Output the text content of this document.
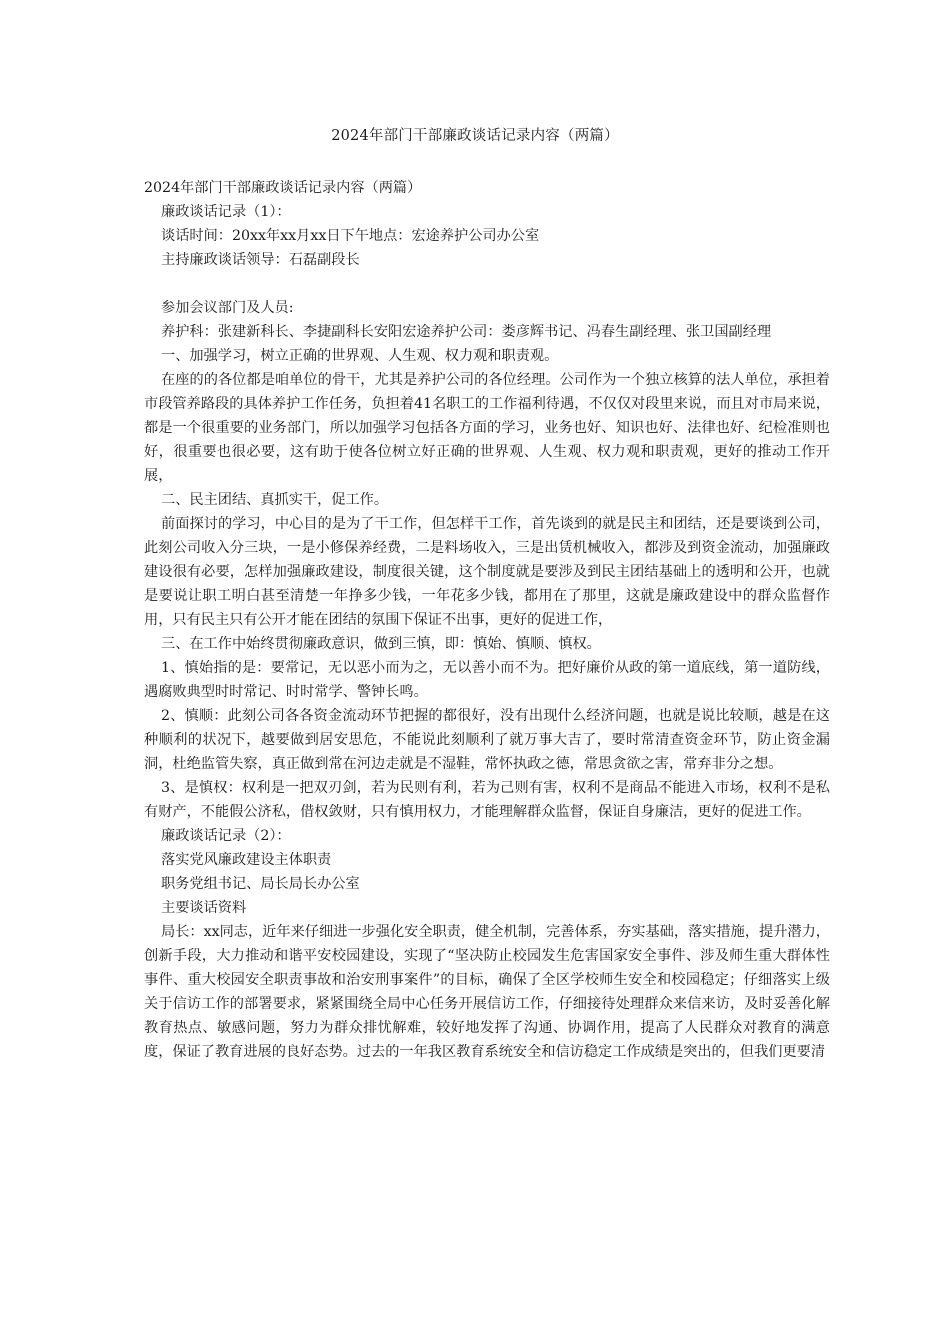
2024年部门干部廉政谈话记录内容（两篇）

2024年部门干部廉政谈话记录内容（两篇）

廉政谈话记录（1）：

谈话时间：20xx年xx月xx日下午地点：宏途养护公司办公室

主持廉政谈话领导：石磊副段长

参加会议部门及人员:

养护科：张建新科长、李捷副科长安阳宏途养护公司：娄彦辉书记、冯春生副经理、张卫国副经理

一、加强学习，树立正确的世界观、人生观、权力观和职责观。

在座的的各位都是咱单位的骨干，尤其是养护公司的各位经理。公司作为一个独立核算的法人单位，承担着市段管养路段的具体养护工作任务，负担着41名职工的工作福利待遇，不仅仅对段里来说，而且对市局来说，都是一个很重要的业务部门，所以加强学习包括各方面的学习，业务也好、知识也好、法律也好、纪检准则也好，很重要也很必要，这有助于使各位树立好正确的世界观、人生观、权力观和职责观，更好的推动工作开展，

二、民主团结、真抓实干，促工作。

前面探讨的学习，中心目的是为了干工作，但怎样干工作，首先谈到的就是民主和团结，还是要谈到公司，此刻公司收入分三块，一是小修保养经费，二是料场收入，三是出赁机械收入，都涉及到资金流动，加强廉政建设很有必要，怎样加强廉政建设，制度很关键，这个制度就是要涉及到民主团结基础上的透明和公开，也就是要说让职工明白甚至清楚一年挣多少钱，一年花多少钱，都用在了那里，这就是廉政建设中的群众监督作用，只有民主只有公开才能在团结的氛围下保证不出事，更好的促进工作，

三、在工作中始终贯彻廉政意识，做到三慎，即：慎始、慎顺、慎权。

1、慎始指的是：要常记，无以恶小而为之，无以善小而不为。把好廉价从政的第一道底线，第一道防线，遇腐败典型时时常记、时时常学、警钟长鸣。

2、慎顺：此刻公司各各资金流动环节把握的都很好，没有出现什么经济问题，也就是说比较顺，越是在这种顺利的状况下，越要做到居安思危，不能说此刻顺利了就万事大吉了，要时常清查资金环节，防止资金漏洞，杜绝监管失察，真正做到常在河边走就是不湿鞋，常怀执政之德，常思贪欲之害，常弃非分之想。

3、是慎权：权利是一把双刃剑，若为民则有利，若为己则有害，权利不是商品不能进入市场，权利不是私有财产，不能假公济私，借权敛财，只有慎用权力，才能理解群众监督，保证自身廉洁，更好的促进工作。

廉政谈话记录（2）：

落实党风廉政建设主体职责

职务党组书记、局长局长办公室

主要谈话资料

局长：xx同志，近年来仔细进一步强化安全职责，健全机制，完善体系，夯实基础，落实措施，提升潜力，创新手段，大力推动和谐平安校园建设，实现了“坚决防止校园发生危害国家安全事件、涉及师生重大群体性事件、重大校园安全职责事故和治安刑事案件”的目标，确保了全区学校师生安全和校园稳定；仔细落实上级关于信访工作的部署要求，紧紧围绕全局中心任务开展信访工作，仔细接待处理群众来信来访，及时妥善化解教育热点、敏感问题，努力为群众排忧解难，较好地发挥了沟通、协调作用，提高了人民群众对教育的满意度，保证了教育进展的良好态势。过去的一年我区教育系统安全和信访稳定工作成绩是突出的，但我们更要清
